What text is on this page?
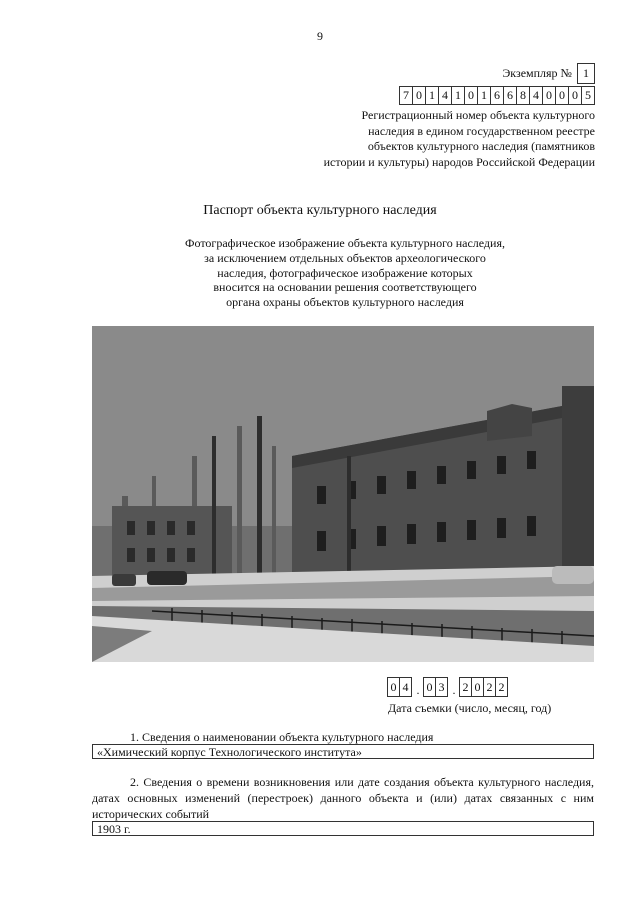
9
Экземпляр № 1
7 0 1 4 1 0 1 6 6 8 4 0 0 0 5
Регистрационный номер объекта культурного
наследия в едином государственном реестре
объектов культурного наследия (памятников
истории и культуры) народов Российской Федерации
Паспорт объекта культурного наследия
Фотографическое изображение объекта культурного наследия,
за исключением отдельных объектов археологического
наследия, фотографическое изображение которых
вносится на основании решения соответствующего
органа охраны объектов культурного наследия
0 4 . 0 3 . 2 0 2 2
Дата съемки (число, месяц, год)
1. Сведения о наименовании объекта культурного наследия
«Химический корпус Технологического института»
2. Сведения о времени возникновения или дате создания объекта культурного наследия, датах основных изменений (перестроек) данного объекта и (или) датах связанных с ним исторических событий
1903 г.
